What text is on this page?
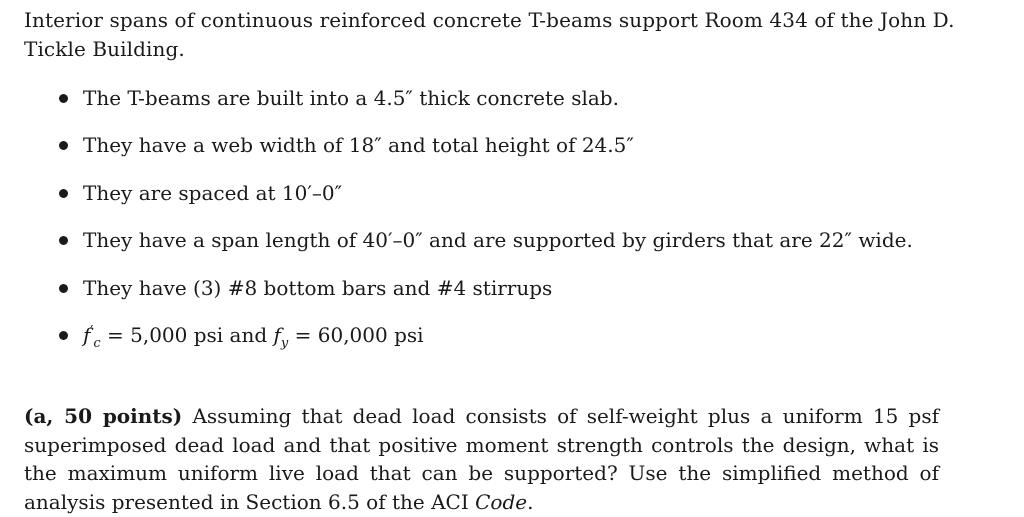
Interior spans of continuous reinforced concrete T-beams support Room 434 of the John D. Tickle Building.

The T-beams are built into a 4.5″ thick concrete slab.
They have a web width of 18″ and total height of 24.5″
They are spaced at 10′–0″
They have a span length of 40′–0″ and are supported by girders that are 22″ wide.
They have (3) #8 bottom bars and #4 stirrups
$f'_c = 5,000$ psi and $f_y = 60,000$ psi

(a, 50 points) Assuming that dead load consists of self-weight plus a uniform 15 psf superimposed dead load and that positive moment strength controls the design, what is the maximum uniform live load that can be supported? Use the simplified method of analysis presented in Section 6.5 of the ACI Code.
